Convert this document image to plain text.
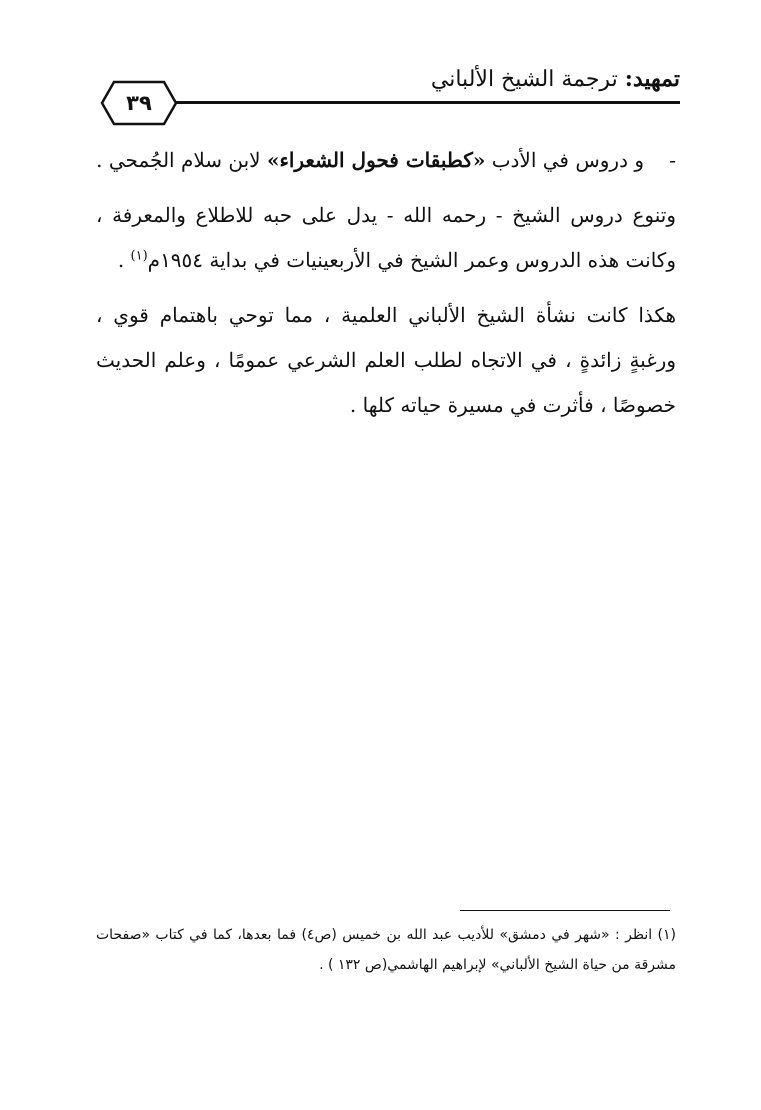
تمهيد: ترجمة الشيخ الألباني
٣٩

-
و دروس في الأدب «كطبقات فحول الشعراء» لابن سلام الجُمحي .

وتنوع دروس الشيخ - رحمه الله - يدل على حبه للاطلاع والمعرفة ، وكانت هذه الدروس وعمر الشيخ في الأربعينيات في بداية ١٩٥٤م$^{(١)}$ .

هكذا كانت نشأة الشيخ الألباني العلمية ، مما توحي باهتمام قوي ، ورغبةٍ زائدةٍ ، في الاتجاه لطلب العلم الشرعي عمومًا ، وعلم الحديث خصوصًا ، فأثرت في مسيرة حياته كلها .

(١) انظر : «شهر في دمشق» للأديب عبد الله بن خميس (ص٤) فما بعدها، كما في كتاب «صفحات مشرقة من حياة الشيخ الألباني» لإبراهيم الهاشمي(ص ١٣٢ ) .
